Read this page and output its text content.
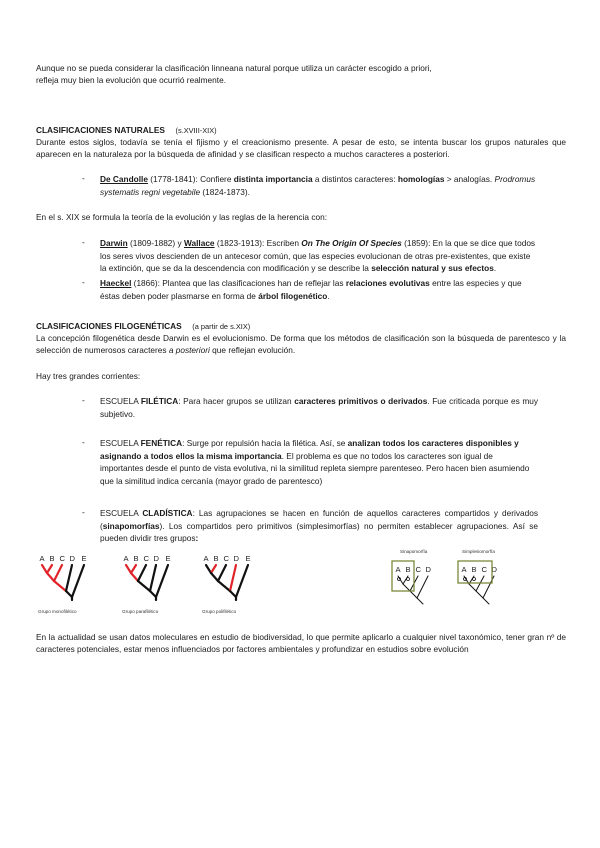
Aunque no se pueda considerar la clasificación linneana natural porque utiliza un carácter escogido a priori,
refleja muy bien la evolución que ocurrió realmente.
CLASIFICACIONES NATURALES (s.XVIII-XIX)
Durante estos siglos, todavía se tenía el fijismo y el creacionismo presente. A pesar de esto, se intenta buscar los grupos naturales que aparecen en la naturaleza por la búsqueda de afinidad y se clasifican respecto a muchos caracteres a posteriori.
- De Candolle (1778-1841): Confiere distinta importancia a distintos caracteres: homologías > analogías. Prodromus systematis regni vegetabile (1824-1873).
En el s. XIX se formula la teoría de la evolución y las reglas de la herencia con:
- Darwin (1809-1882) y Wallace (1823-1913): Escriben On The Origin Of Species (1859): En la que se dice que todos los seres vivos descienden de un antecesor común, que las especies evolucionan de otras pre-existentes, que existe la extinción, que se da la descendencia con modificación y se describe la selección natural y sus efectos.
- Haeckel (1866): Plantea que las clasificaciones han de reflejar las relaciones evolutivas entre las especies y que éstas deben poder plasmarse en forma de árbol filogenético.
CLASIFICACIONES FILOGENÉTICAS (a partir de s.XIX)
La concepción filogenética desde Darwin es el evolucionismo. De forma que los métodos de clasificación son la búsqueda de parentesco y la selección de numerosos caracteres a posteriori que reflejan evolución.
Hay tres grandes corrientes:
- ESCUELA FILÉTICA: Para hacer grupos se utilizan caracteres primitivos o derivados. Fue criticada porque es muy subjetivo.
- ESCUELA FENÉTICA: Surge por repulsión hacia la filética. Así, se analizan todos los caracteres disponibles y asignando a todos ellos la misma importancia. El problema es que no todos los caracteres son igual de importantes desde el punto de vista evolutiva, ni la similitud repleta siempre parenteseo. Pero hacen bien asumiendo que la similitud indica cercanía (mayor grado de parentesco)
- ESCUELA CLADÍSTICA: Las agrupaciones se hacen en función de aquellos caracteres compartidos y derivados (sinapomorfías). Los compartidos pero primitivos (simplesimorfías) no permiten establecer agrupaciones. Así se pueden dividir tres grupos:
A B C D E
Grupo monofilético
A B C D E
Grupo parafilético
A B C D E
Grupo polifilético
Sinapomorfía	Simplesiomorfía
A B C D	A B C D
En la actualidad se usan datos moleculares en estudio de biodiversidad, lo que permite aplicarlo a cualquier nivel taxonómico, tener gran nº de caracteres potenciales, estar menos influenciados por factores ambientales y profundizar en estudios sobre evolución
